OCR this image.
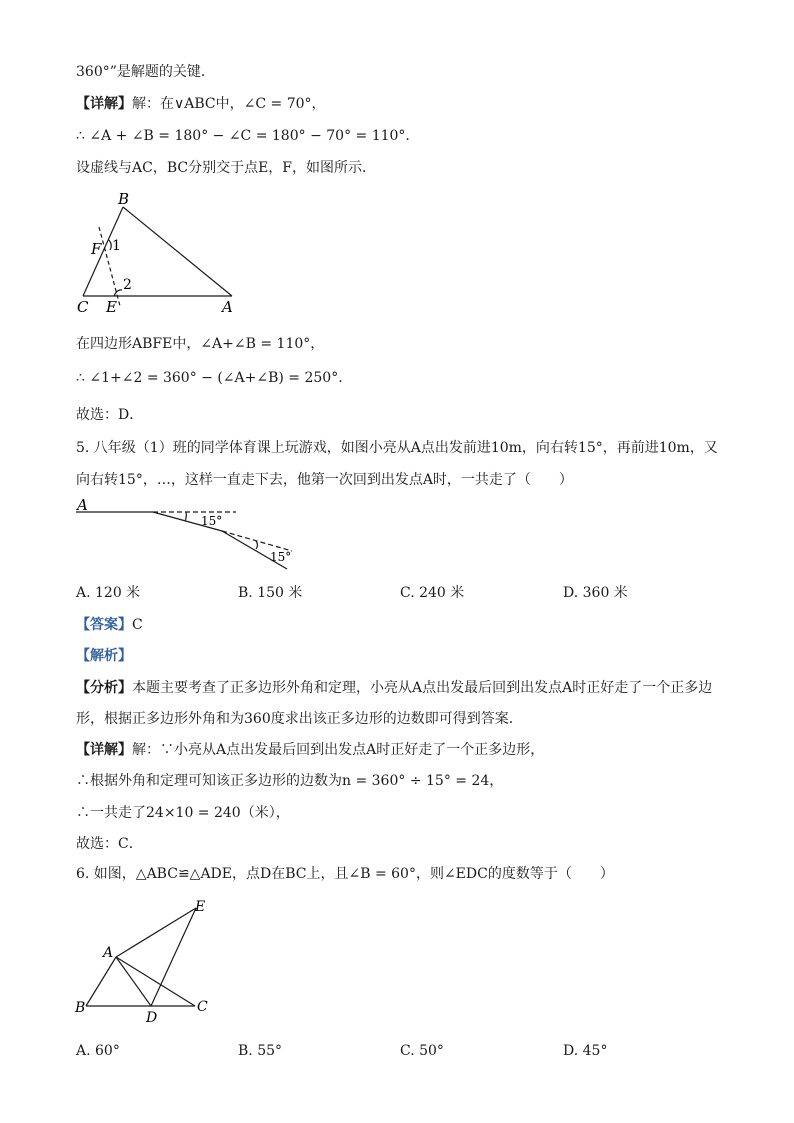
360°”是解题的关键．
【详解】解：在∨ABC中，∠C = 70°，
∴ ∠A + ∠B = 180° − ∠C = 180° − 70° = 110°.
设虚线与AC，BC分别交于点E，F，如图所示．
B
F 1
2
C E	A
在四边形ABFE中，∠A+∠B = 110°，
∴ ∠1+∠2 = 360° − (∠A+∠B) = 250°.
故选：D．
5. 八年级（1）班的同学体育课上玩游戏，如图小亮从A点出发前进10m，向右转15°，再前进10m，又
向右转15°，…，这样一直走下去，他第一次回到出发点A时，一共走了（　　）
A
15°
15°
A. 120 米	B. 150 米	C. 240 米	D. 360 米
【答案】C
【解析】
【分析】本题主要考查了正多边形外角和定理，小亮从A点出发最后回到出发点A时正好走了一个正多边
形，根据正多边形外角和为360度求出该正多边形的边数即可得到答案．
【详解】解：∵小亮从A点出发最后回到出发点A时正好走了一个正多边形，
∴根据外角和定理可知该正多边形的边数为n = 360° ÷ 15° = 24，
∴一共走了24×10 = 240（米），
故选：C．
6. 如图，△ABC≌△ADE，点D在BC上，且∠B = 60°，则∠EDC的度数等于（　　）
E
A
B
D
C
A. 60°	B. 55°	C. 50°	D. 45°
